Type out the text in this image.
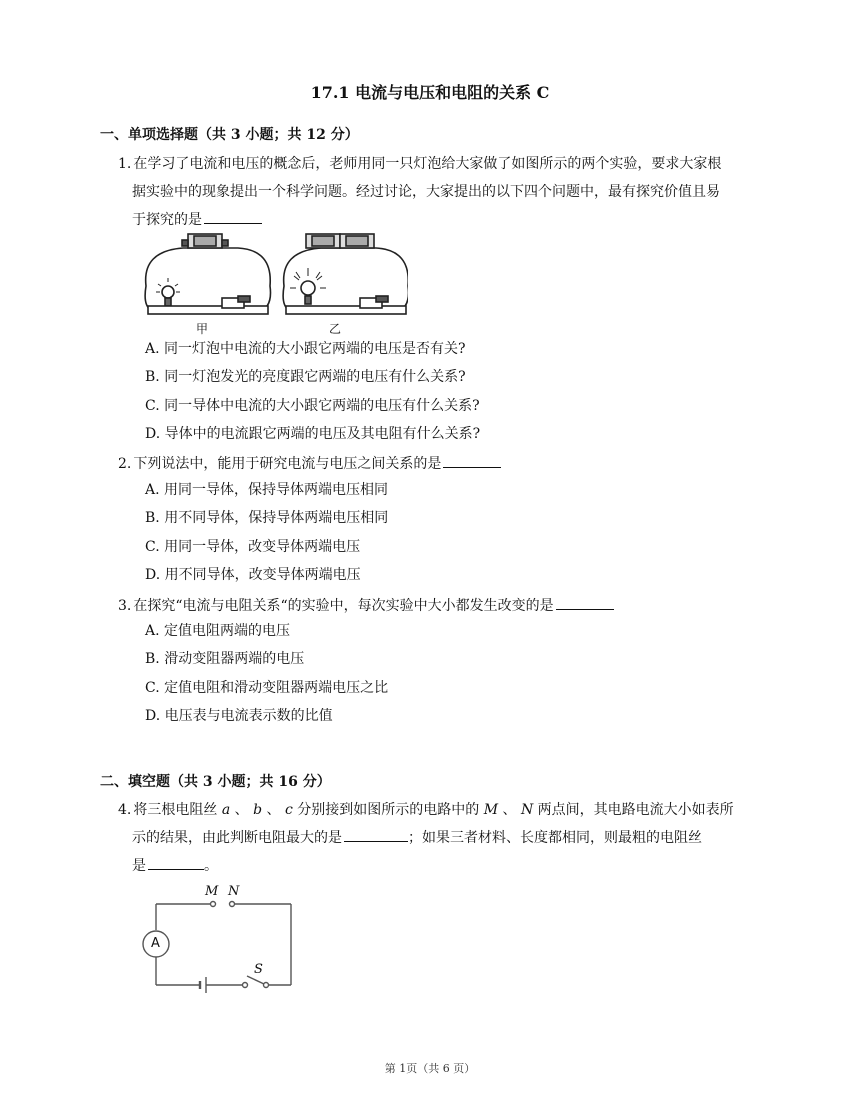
17.1 电流与电压和电阻的关系 C
一、单项选择题（共 3 小题；共 12 分）
1. 在学习了电流和电压的概念后，老师用同一只灯泡给大家做了如图所示的两个实验，要求大家根
据实验中的现象提出一个科学问题。经过讨论，大家提出的以下四个问题中，最有探究价值且易
于探究的是
甲	乙
A. 同一灯泡中电流的大小跟它两端的电压是否有关?
B. 同一灯泡发光的亮度跟它两端的电压有什么关系?
C. 同一导体中电流的大小跟它两端的电压有什么关系?
D. 导体中的电流跟它两端的电压及其电阻有什么关系?
2. 下列说法中，能用于研究电流与电压之间关系的是
A. 用同一导体，保持导体两端电压相同
B. 用不同导体，保持导体两端电压相同
C. 用同一导体，改变导体两端电压
D. 用不同导体，改变导体两端电压
3. 在探究“电流与电阻关系“的实验中，每次实验中大小都发生改变的是
A. 定值电阻两端的电压
B. 滑动变阻器两端的电压
C. 定值电阻和滑动变阻器两端电压之比
D. 电压表与电流表示数的比值
二、填空题（共 3 小题；共 16 分）
4. 将三根电阻丝 a 、 b 、 c 分别接到如图所示的电路中的 M 、 N 两点间，其电路电流大小如表所
示的结果，由此判断电阻最大的是	；如果三者材料、长度都相同，则最粗的电阻丝
是	。
M N
A
S
第 1页（共 6 页）
